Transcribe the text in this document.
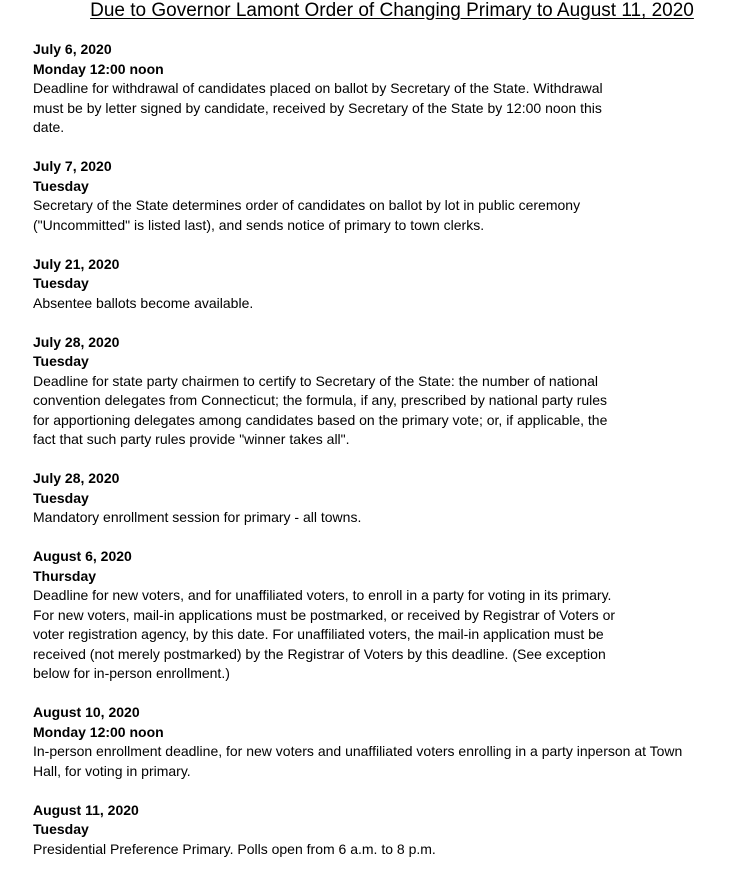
Due to Governor Lamont Order of Changing Primary to August 11, 2020
July 6, 2020
Monday 12:00 noon
Deadline for withdrawal of candidates placed on ballot by Secretary of the State. Withdrawal
must be by letter signed by candidate, received by Secretary of the State by 12:00 noon this
date.
July 7, 2020
Tuesday
Secretary of the State determines order of candidates on ballot by lot in public ceremony
("Uncommitted" is listed last), and sends notice of primary to town clerks.
July 21, 2020
Tuesday
Absentee ballots become available.
July 28, 2020
Tuesday
Deadline for state party chairmen to certify to Secretary of the State: the number of national
convention delegates from Connecticut; the formula, if any, prescribed by national party rules
for apportioning delegates among candidates based on the primary vote; or, if applicable, the
fact that such party rules provide "winner takes all".
July 28, 2020
Tuesday
Mandatory enrollment session for primary - all towns.
August 6, 2020
Thursday
Deadline for new voters, and for unaffiliated voters, to enroll in a party for voting in its primary.
For new voters, mail-in applications must be postmarked, or received by Registrar of Voters or
voter registration agency, by this date. For unaffiliated voters, the mail-in application must be
received (not merely postmarked) by the Registrar of Voters by this deadline. (See exception
below for in-person enrollment.)
August 10, 2020
Monday 12:00 noon
In-person enrollment deadline, for new voters and unaffiliated voters enrolling in a party inperson at Town
Hall, for voting in primary.
August 11, 2020
Tuesday
Presidential Preference Primary. Polls open from 6 a.m. to 8 p.m.
